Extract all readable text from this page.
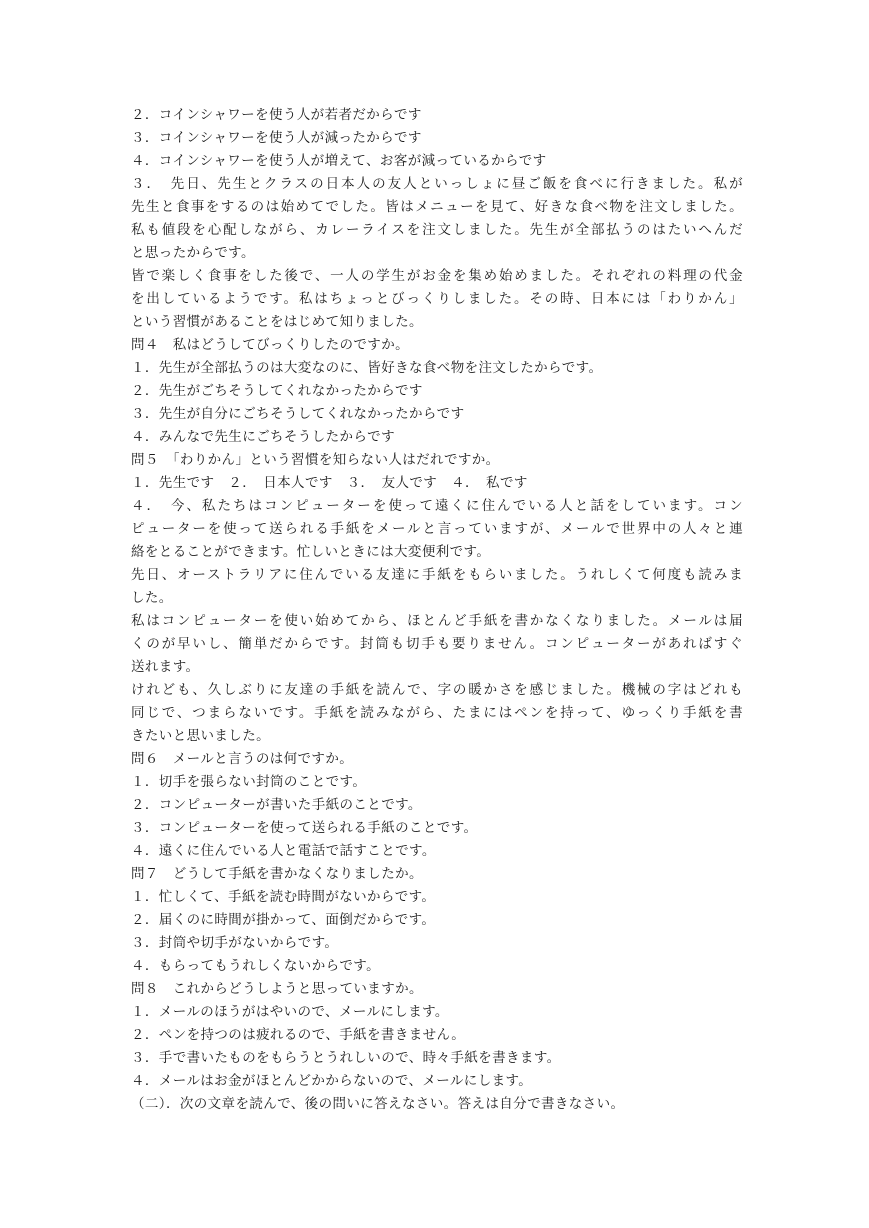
２．コインシャワーを使う人が若者だからです
３．コインシャワーを使う人が減ったからです
４．コインシャワーを使う人が増えて、お客が減っているからです
３．　先日、先生とクラスの日本人の友人といっしょに昼ご飯を食べに行きました。私が
先生と食事をするのは始めてでした。皆はメニューを見て、好きな食べ物を注文しました。
私も値段を心配しながら、カレーライスを注文しました。先生が全部払うのはたいへんだ
と思ったからです。
皆で楽しく食事をした後で、一人の学生がお金を集め始めました。それぞれの料理の代金
を出しているようです。私はちょっとびっくりしました。その時、日本には「わりかん」
という習慣があることをはじめて知りました。
問４　私はどうしてびっくりしたのですか。
１．先生が全部払うのは大変なのに、皆好きな食べ物を注文したからです。
２．先生がごちそうしてくれなかったからです
３．先生が自分にごちそうしてくれなかったからです
４．みんなで先生にごちそうしたからです
問５　「わりかん」という習慣を知らない人はだれですか。
１．先生です　２．　日本人です　３．　友人です　４．　私です
４．　今、私たちはコンピューターを使って遠くに住んでいる人と話をしています。コン
ピューターを使って送られる手紙をメールと言っていますが、メールで世界中の人々と連
絡をとることができます。忙しいときには大変便利です。
先日、オーストラリアに住んでいる友達に手紙をもらいました。うれしくて何度も読みま
した。
私はコンピューターを使い始めてから、ほとんど手紙を書かなくなりました。メールは届
くのが早いし、簡単だからです。封筒も切手も要りません。コンピューターがあればすぐ
送れます。
けれども、久しぶりに友達の手紙を読んで、字の暖かさを感じました。機械の字はどれも
同じで、つまらないです。手紙を読みながら、たまにはペンを持って、ゆっくり手紙を書
きたいと思いました。
問６　メールと言うのは何ですか。
１．切手を張らない封筒のことです。
２．コンピューターが書いた手紙のことです。
３．コンピューターを使って送られる手紙のことです。
４．遠くに住んでいる人と電話で話すことです。
問７　どうして手紙を書かなくなりましたか。
１．忙しくて、手紙を読む時間がないからです。
２．届くのに時間が掛かって、面倒だからです。
３．封筒や切手がないからです。
４．もらってもうれしくないからです。
問８　これからどうしようと思っていますか。
１．メールのほうがはやいので、メールにします。
２．ペンを持つのは疲れるので、手紙を書きません。
３．手で書いたものをもらうとうれしいので、時々手紙を書きます。
４．メールはお金がほとんどかからないので、メールにします。
（二）．次の文章を読んで、後の問いに答えなさい。答えは自分で書きなさい。
